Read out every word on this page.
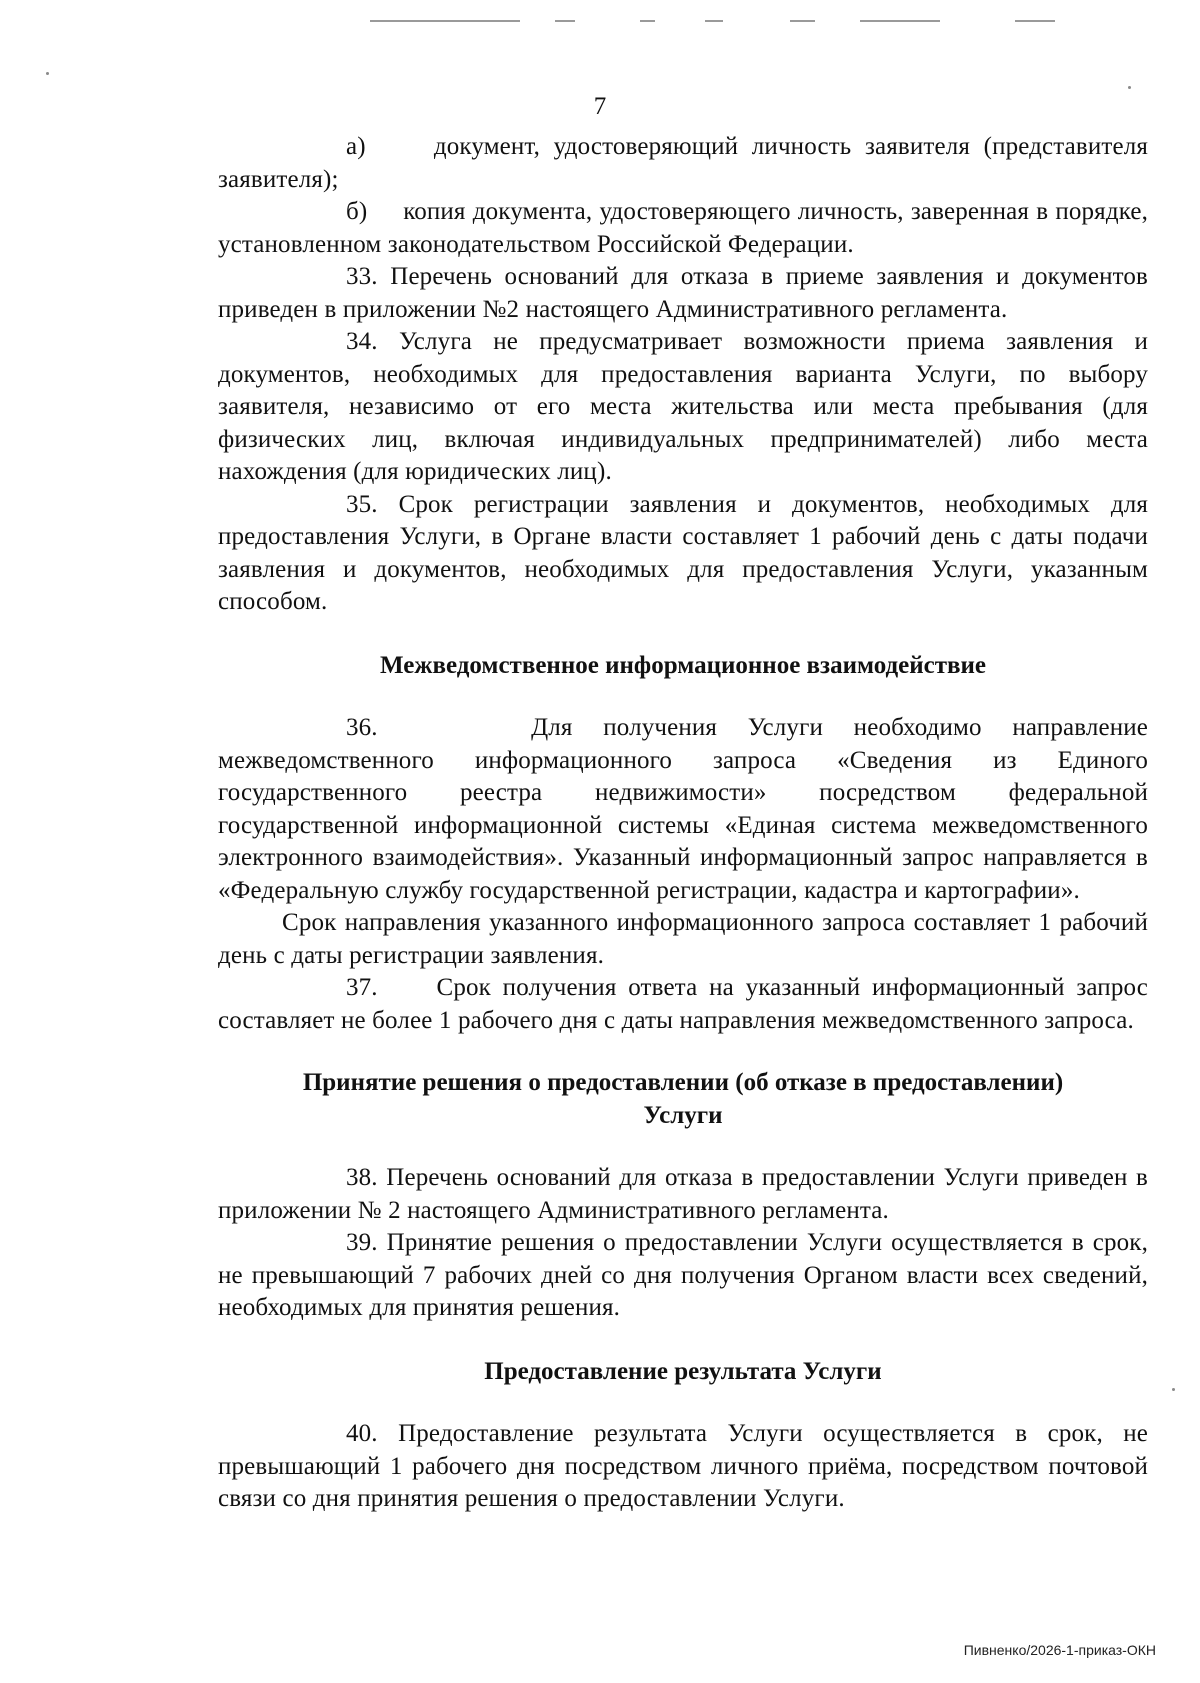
7

а)	документ, удостоверяющий личность заявителя (представителя заявителя);

б) копия документа, удостоверяющего личность, заверенная в порядке, установленном законодательством Российской Федерации.

33. Перечень оснований для отказа в приеме заявления и документов приведен в приложении №2 настоящего Административного регламента.

34. Услуга не предусматривает возможности приема заявления и документов, необходимых для предоставления варианта Услуги, по выбору заявителя, независимо от его места жительства или места пребывания (для физических лиц, включая индивидуальных предпринимателей) либо места нахождения (для юридических лиц).

35. Срок регистрации заявления и документов, необходимых для предоставления Услуги, в Органе власти составляет 1 рабочий день с даты подачи заявления и документов, необходимых для предоставления Услуги, указанным способом.

Межведомственное информационное взаимодействие

36.	Для получения Услуги необходимо направление межведомственного информационного запроса «Сведения из Единого государственного реестра недвижимости» посредством федеральной государственной информационной системы «Единая система межведомственного электронного взаимодействия». Указанный информационный запрос направляется в «Федеральную службу государственной регистрации, кадастра и картографии».

Срок направления указанного информационного запроса составляет 1 рабочий день с даты регистрации заявления.

37. Срок получения ответа на указанный информационный запрос составляет не более 1 рабочего дня с даты направления межведомственного запроса.

Принятие решения о предоставлении (об отказе в предоставлении)
Услуги

38. Перечень оснований для отказа в предоставлении Услуги приведен в приложении № 2 настоящего Административного регламента.

39. Принятие решения о предоставлении Услуги осуществляется в срок, не превышающий 7 рабочих дней со дня получения Органом власти всех сведений, необходимых для принятия решения.

Предоставление результата Услуги

40. Предоставление результата Услуги осуществляется в срок, не превышающий 1 рабочего дня посредством личного приёма, посредством почтовой связи со дня принятия решения о предоставлении Услуги.

Пивненко/2026-1-приказ-ОКН
